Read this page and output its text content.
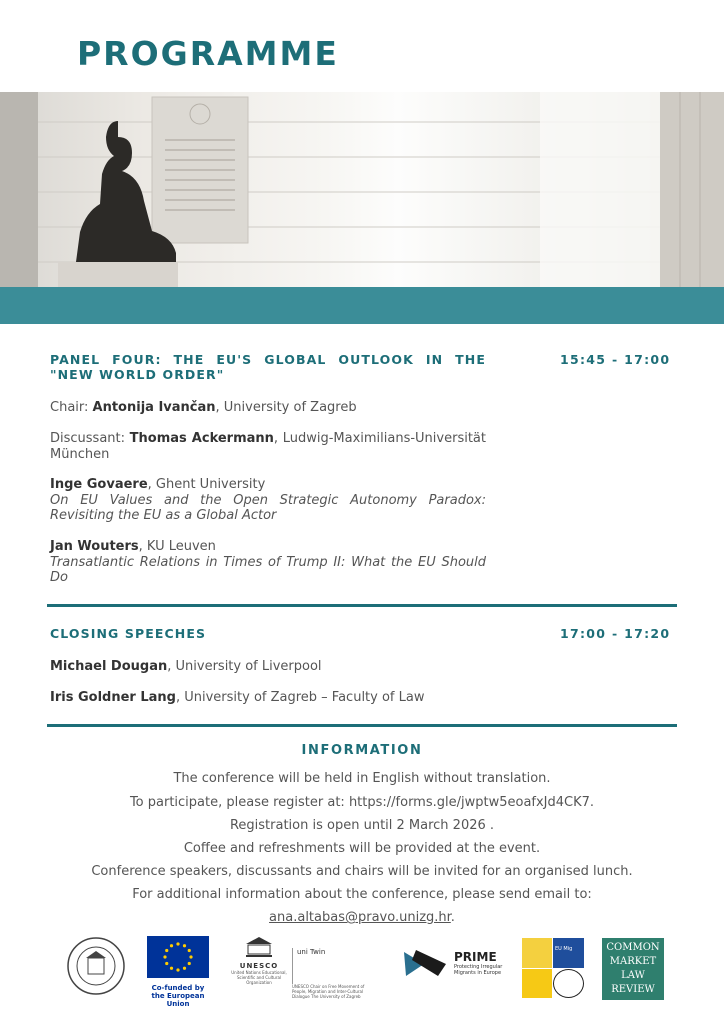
PROGRAMME
PANEL FOUR: THE EU'S GLOBAL OUTLOOK IN THE "NEW WORLD ORDER"
15:45 - 17:00
Chair: Antonija Ivančan, University of Zagreb
Discussant: Thomas Ackermann, Ludwig-Maximilians-Universität München
Inge Govaere, Ghent University
On EU Values and the Open Strategic Autonomy Paradox: Revisiting the EU as a Global Actor
Jan Wouters, KU Leuven
Transatlantic Relations in Times of Trump II: What the EU Should Do
CLOSING SPEECHES	17:00 - 17:20
Michael Dougan, University of Liverpool
Iris Goldner Lang, University of Zagreb – Faculty of Law
INFORMATION
The conference will be held in English without translation.
To participate, please register at: https://forms.gle/jwptw5eoafxJd4CK7.
Registration is open until 2 March 2026 .
Coffee and refreshments will be provided at the event.
Conference speakers, discussants and chairs will be invited for an organised lunch.
For additional information about the conference, please send email to:
ana.altabas@pravo.unizg.hr.
Co-funded by
the European Union
UNESCO
United Nations Educational, Scientific and Cultural Organization
uni Twin
UNESCO Chair on Free Movement of People, Migration and Inter-Cultural Dialogue The University of Zagreb
PRIME
Protecting Irregular Migrants in Europe
EU Mig	COMMON
MARKET
LAW
REVIEW
